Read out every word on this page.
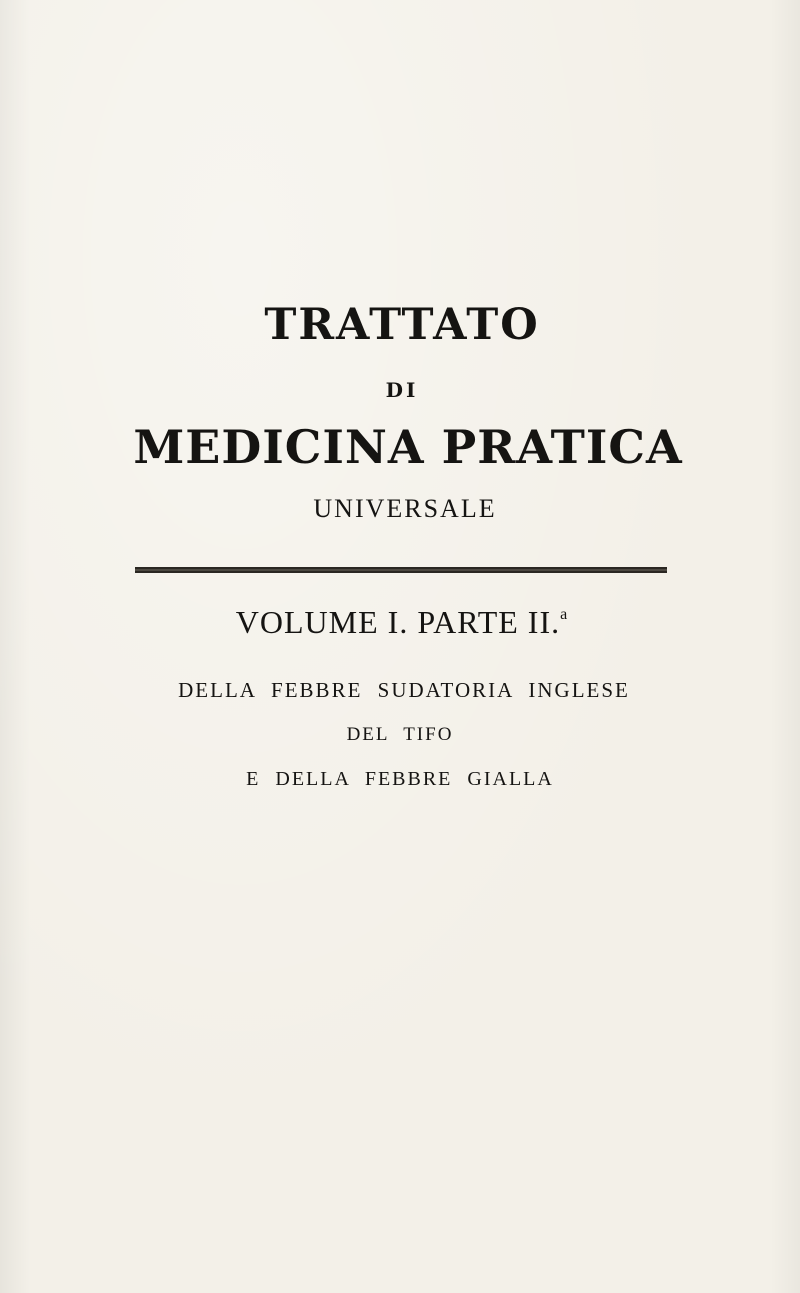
TRATTATO
DI
MEDICINA PRATICA
UNIVERSALE
VOLUME I. PARTE II.$^a$
DELLA FEBBRE SUDATORIA INGLESE
DEL TIFO
E DELLA FEBBRE GIALLA
